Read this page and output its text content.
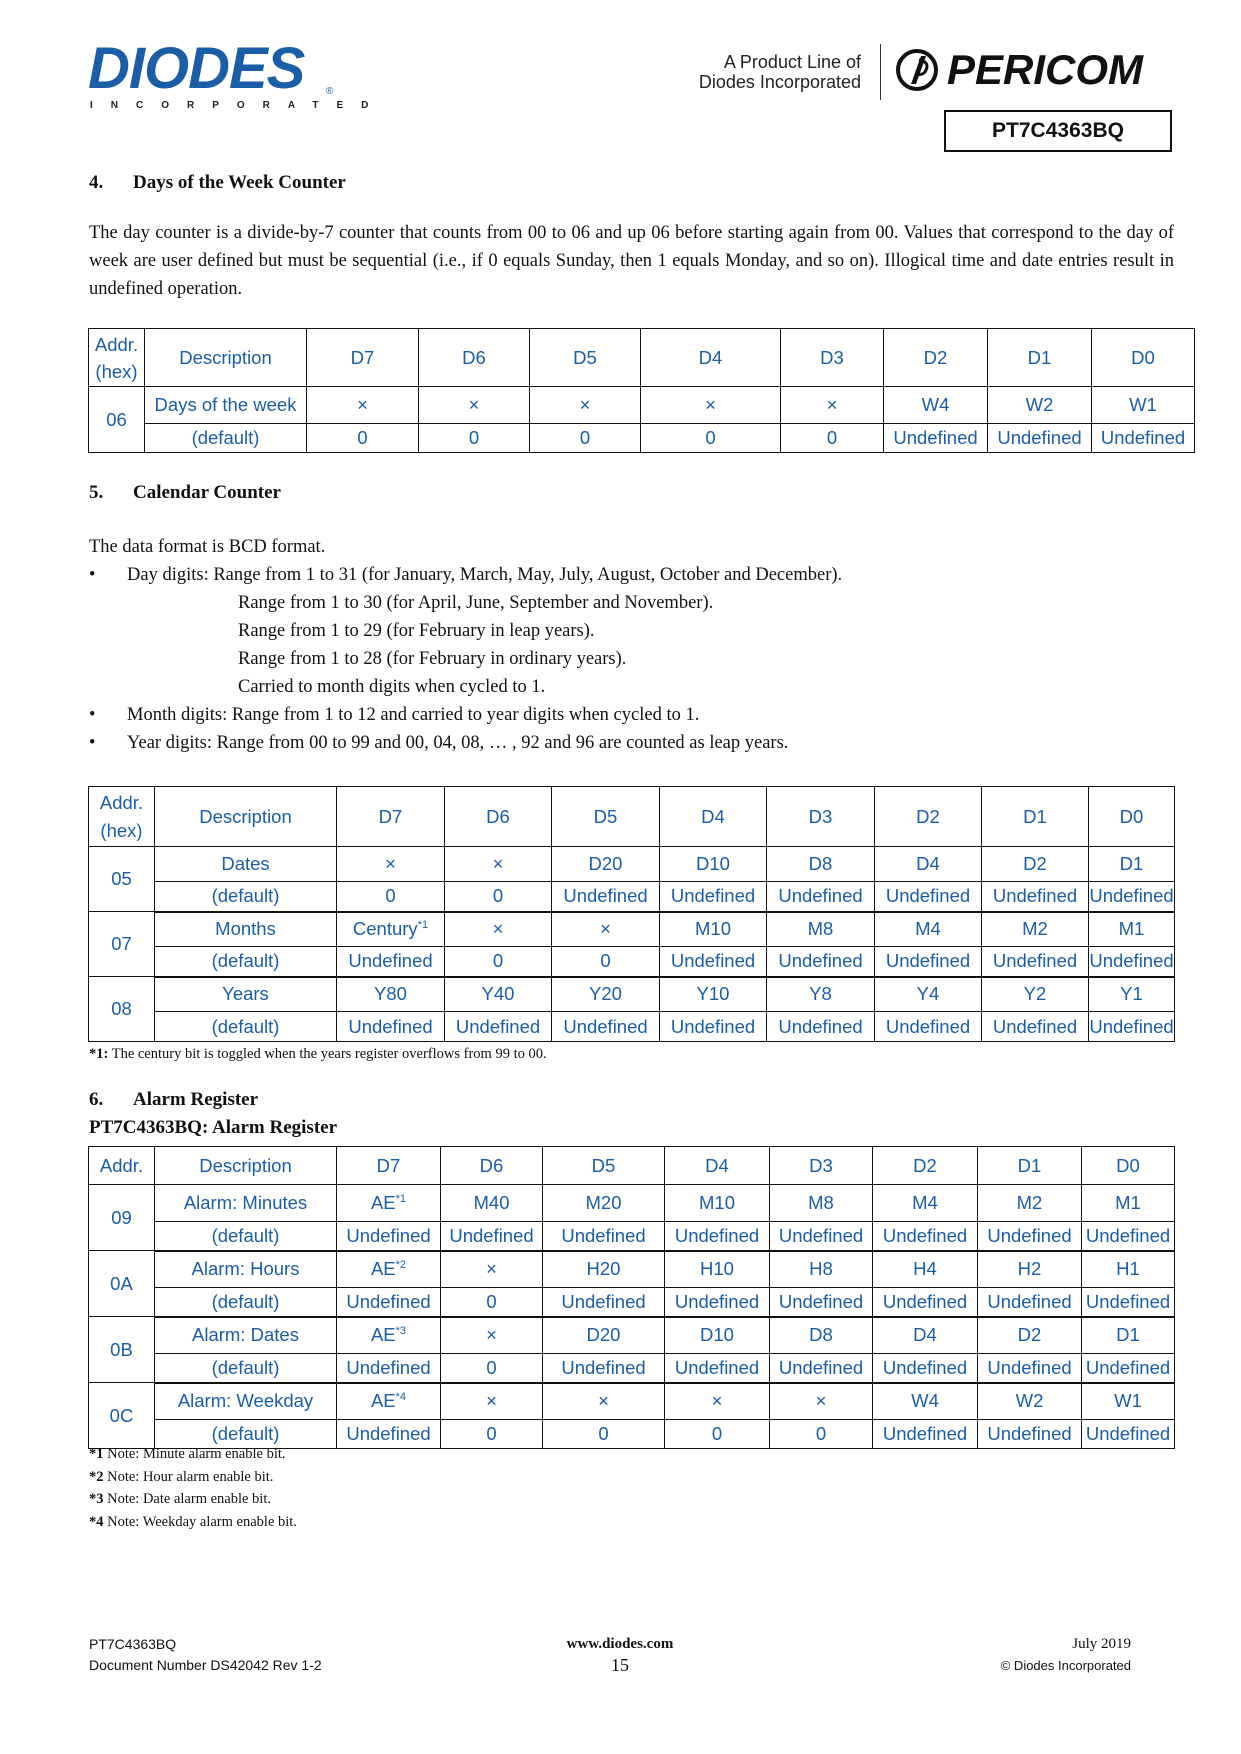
DIODES
INCORPORATED
®
A Product Line of
Diodes Incorporated PERICOM
PT7C4363BQ
4. Days of the Week Counter
The day counter is a divide-by-7 counter that counts from 00 to 06 and up 06 before starting again from 00. Values that correspond to the day of week are user defined but must be sequential (i.e., if 0 equals Sunday, then 1 equals Monday, and so on). Illogical time and date entries result in undefined operation.
Addr.
(hex)	Description	D7	D6	D5	D4	D3	D2	D1	D0
06	Days of the week	×	×	×	×	×	W4	W2	W1
	(default)	0	0	0	0	0	Undefined	Undefined	Undefined
5. Calendar Counter
The data format is BCD format.
• Day digits: Range from 1 to 31 (for January, March, May, July, August, October and December).
Range from 1 to 30 (for April, June, September and November).
Range from 1 to 29 (for February in leap years).
Range from 1 to 28 (for February in ordinary years).
Carried to month digits when cycled to 1.
• Month digits: Range from 1 to 12 and carried to year digits when cycled to 1.
• Year digits: Range from 00 to 99 and 00, 04, 08, … , 92 and 96 are counted as leap years.
Addr.
(hex)	Description	D7	D6	D5	D4	D3	D2	D1	D0
05	Dates	×	×	D20	D10	D8	D4	D2	D1
	(default)	0	0	Undefined	Undefined	Undefined	Undefined	Undefined	Undefined
07	Months	Century$^{*1}$	×	×	M10	M8	M4	M2	M1
	(default)	Undefined	0	0	Undefined	Undefined	Undefined	Undefined	Undefined
08	Years	Y80	Y40	Y20	Y10	Y8	Y4	Y2	Y1
	(default)	Undefined	Undefined	Undefined	Undefined	Undefined	Undefined	Undefined	Undefined
*1: The century bit is toggled when the years register overflows from 99 to 00.
6. Alarm Register
PT7C4363BQ: Alarm Register
Addr.	Description	D7	D6	D5	D4	D3	D2	D1	D0
09	Alarm: Minutes	AE$^{*1}$	M40	M20	M10	M8	M4	M2	M1
	(default)	Undefined	Undefined	Undefined	Undefined	Undefined	Undefined	Undefined	Undefined
0A	Alarm: Hours	$AE^{*2}$	×	H20	H10	H8	H4	H2	H1
	(default)	Undefined	0	Undefined	Undefined	Undefined	Undefined	Undefined	Undefined
0B	Alarm: Dates	$AE^{*3}$	×	D20	D10	D8	D4	D2	D1
	(default)	Undefined	0	Undefined	Undefined	Undefined	Undefined	Undefined	Undefined
0C	Alarm: Weekday	$AE^{*4}$	×	×	×	×	W4	W2	W1
	(default)	Undefined	0	0	0	0	Undefined	Undefined	Undefined
*1 Note: Minute alarm enable bit.
*2 Note: Hour alarm enable bit.
*3 Note: Date alarm enable bit.
*4 Note: Weekday alarm enable bit.
PT7C4363BQ
Document Number DS42042 Rev 1-2
www.diodes.com
15
July 2019
© Diodes Incorporated
